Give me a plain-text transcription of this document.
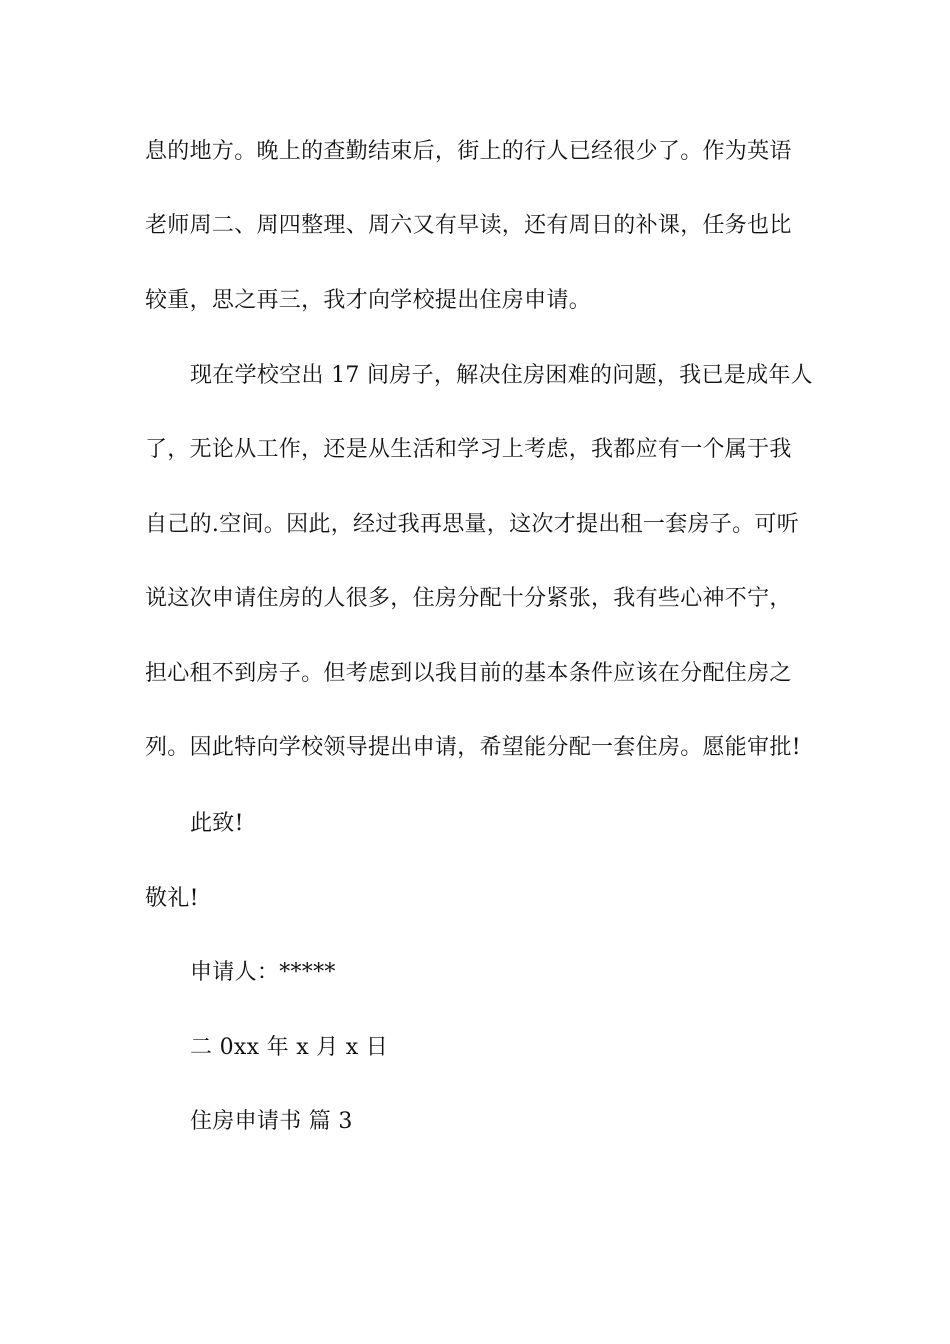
息的地方。晚上的查勤结束后，街上的行人已经很少了。作为英语
老师周二、周四整理、周六又有早读，还有周日的补课，任务也比
较重，思之再三，我才向学校提出住房申请。
现在学校空出 17 间房子，解决住房困难的问题，我已是成年人
了，无论从工作，还是从生活和学习上考虑，我都应有一个属于我
自己的.空间。因此，经过我再思量，这次才提出租一套房子。可听
说这次申请住房的人很多，住房分配十分紧张，我有些心神不宁，
担心租不到房子。但考虑到以我目前的基本条件应该在分配住房之
列。因此特向学校领导提出申请，希望能分配一套住房。愿能审批!
此致!
敬礼!
申请人：*****
二 0xx 年 x 月 x 日
住房申请书 篇 3
